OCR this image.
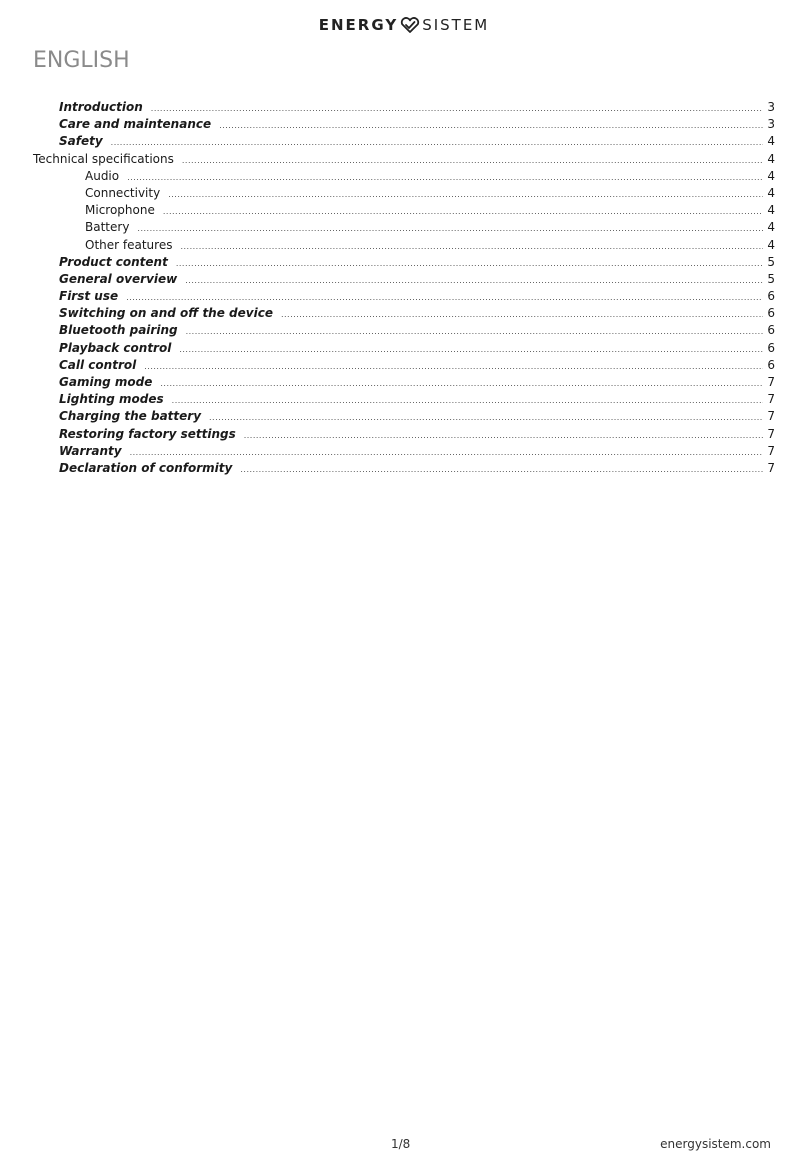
ENERGY SISTEM
ENGLISH
Introduction .....	3
Care and maintenance .....	3
Safety .....	4
Technical specifications .....	4
Audio .....	4
Connectivity .....	4
Microphone .....	4
Battery .....	4
Other features .....	4
Product content .....	5
General overview .....	5
First use .....	6
Switching on and off the device .....	6
Bluetooth pairing .....	6
Playback control .....	6
Call control .....	6
Gaming mode .....	7
Lighting modes .....	7
Charging the battery .....	7
Restoring factory settings .....	7
Warranty .....	7
Declaration of conformity .....	7
1/8	energysistem.com
